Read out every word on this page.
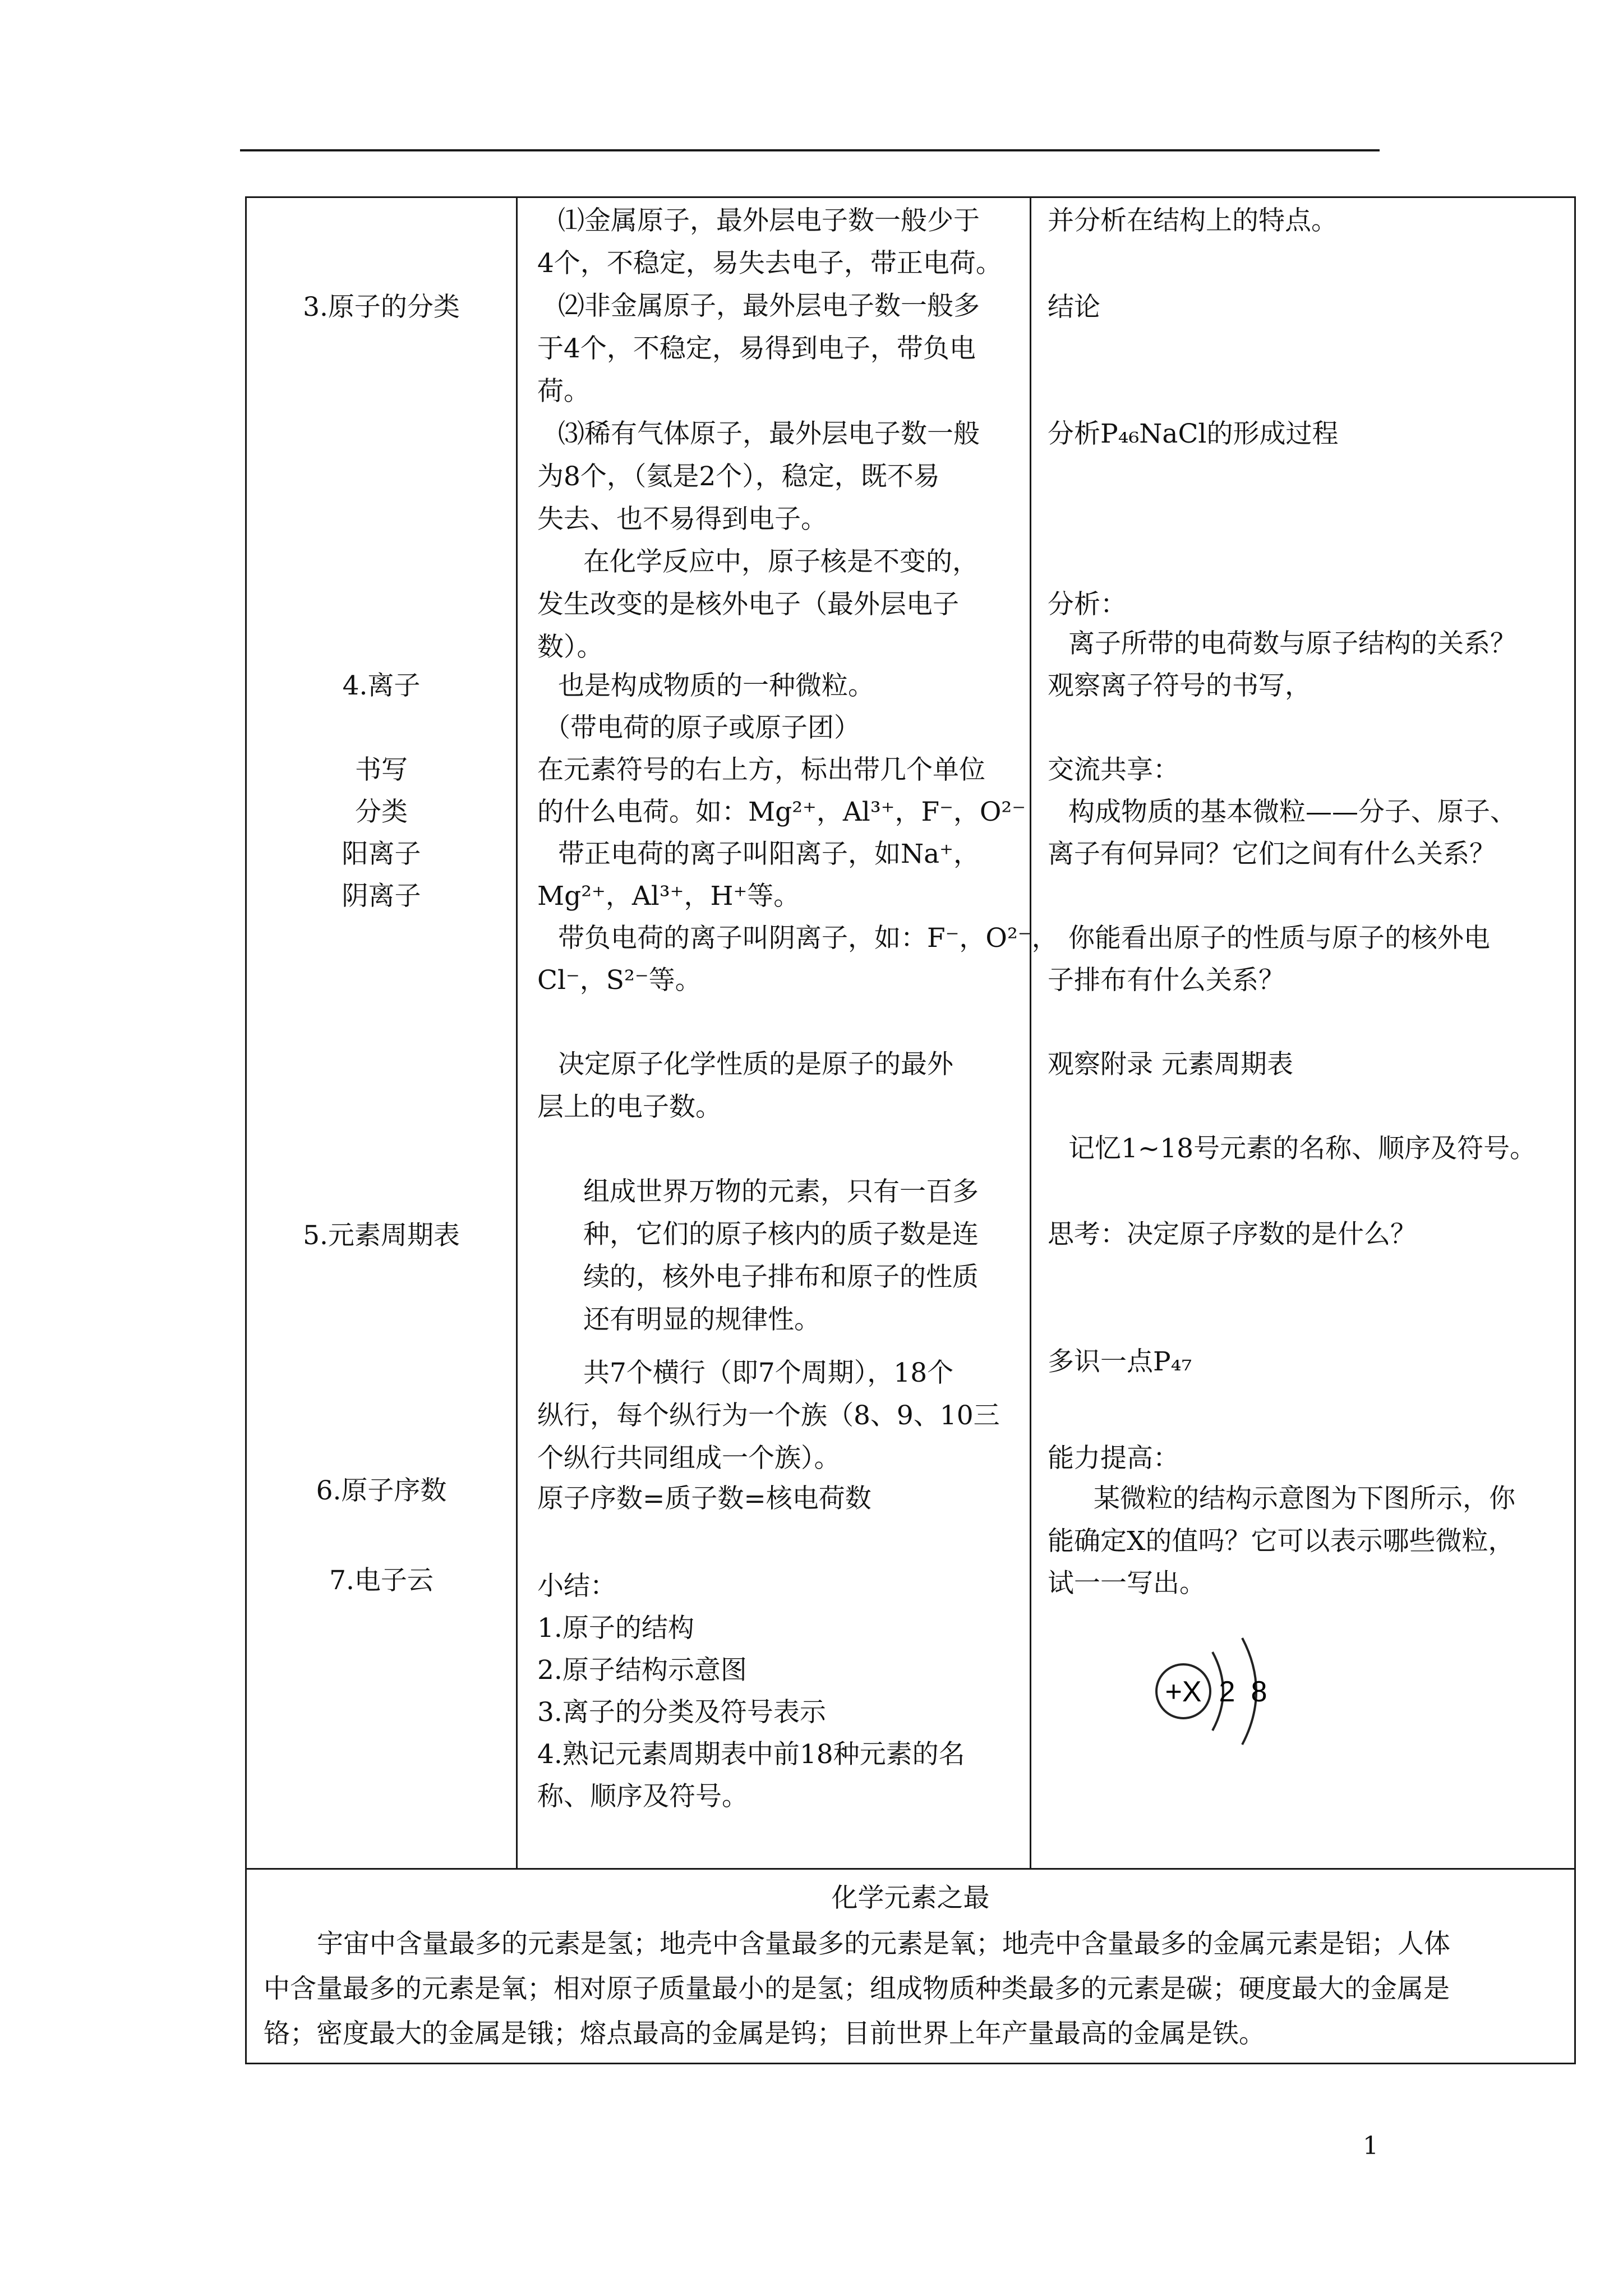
3.原子的分类
4.离子
书写
分类
阳离子
阴离子
5.元素周期表
6.原子序数
7.电子云
⑴金属原子，最外层电子数一般少于
4个，不稳定，易失去电子，带正电荷。
⑵非金属原子，最外层电子数一般多
于4个，不稳定，易得到电子，带负电
荷。
⑶稀有气体原子，最外层电子数一般
为8个，（氦是2个），稳定，既不易
失去、也不易得到电子。
在化学反应中，原子核是不变的，
发生改变的是核外电子（最外层电子
数）。
也是构成物质的一种微粒。
（带电荷的原子或原子团）
在元素符号的右上方，标出带几个单位
的什么电荷。如：Mg²⁺，Al³⁺，F⁻，O²⁻
带正电荷的离子叫阳离子，如Na⁺，
Mg²⁺，Al³⁺，H⁺等。
带负电荷的离子叫阴离子，如：F⁻，O²⁻，
Cl⁻，S²⁻等。
决定原子化学性质的是原子的最外
层上的电子数。
组成世界万物的元素，只有一百多
种，它们的原子核内的质子数是连
续的，核外电子排布和原子的性质
还有明显的规律性。
共7个横行（即7个周期），18个
纵行，每个纵行为一个族（8、9、10三
个纵行共同组成一个族）。
原子序数=质子数=核电荷数
小结：
1.原子的结构
2.原子结构示意图
3.离子的分类及符号表示
4.熟记元素周期表中前18种元素的名
称、顺序及符号。
并分析在结构上的特点。
结论
分析P₄₆NaCl的形成过程
分析：
离子所带的电荷数与原子结构的关系？
观察离子符号的书写，
交流共享：
构成物质的基本微粒——分子、原子、
离子有何异同？它们之间有什么关系？
你能看出原子的性质与原子的核外电
子排布有什么关系？
观察附录 元素周期表
记忆1~18号元素的名称、顺序及符号。
思考：决定原子序数的是什么？
多识一点P₄₇
能力提高：
某微粒的结构示意图为下图所示，你
能确定X的值吗？它可以表示哪些微粒，
试一一写出。
+X 2 8
化学元素之最
宇宙中含量最多的元素是氢；地壳中含量最多的元素是氧；地壳中含量最多的金属元素是铝；人体
中含量最多的元素是氧；相对原子质量最小的是氢；组成物质种类最多的元素是碳；硬度最大的金属是
铬；密度最大的金属是锇；熔点最高的金属是钨；目前世界上年产量最高的金属是铁。
1
